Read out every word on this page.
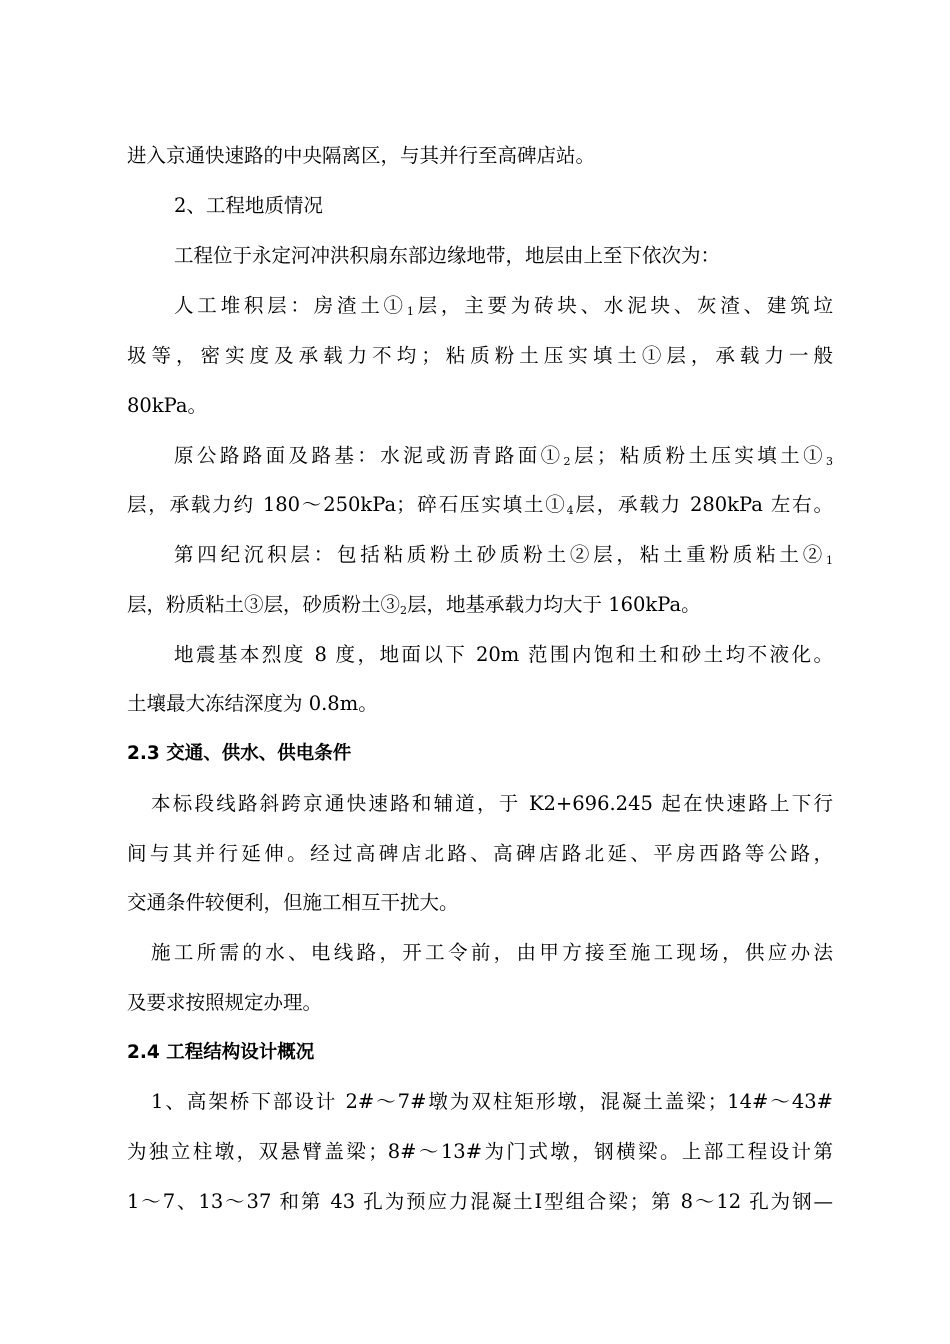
进入京通快速路的中央隔离区，与其并行至高碑店站。
2、工程地质情况
工程位于永定河冲洪积扇东部边缘地带，地层由上至下依次为：
人工堆积层：房渣土$①_1$层，主要为砖块、水泥块、灰渣、建筑垃
圾等，密实度及承载力不均；粘质粉土压实填土①层，承载力一般
80kPa。
原公路路面及路基：水泥或沥青路面$①_2$层；粘质粉土压实填土$①_3$
层，承载力约 180～250kPa；碎石压实填土$①_4$层，承载力 280kPa 左右。
第四纪沉积层：包括粘质粉土砂质粉土②层，粘土重粉质粘土$②_1$
层，粉质粘土③层，砂质粉土$③_2$层，地基承载力均大于 160kPa。
地震基本烈度 8 度，地面以下 20m 范围内饱和土和砂土均不液化。
土壤最大冻结深度为 0.8m。
2.3 交通、供水、供电条件
本标段线路斜跨京通快速路和辅道，于 K2+696.245 起在快速路上下行
间与其并行延伸。经过高碑店北路、高碑店路北延、平房西路等公路，
交通条件较便利，但施工相互干扰大。
施工所需的水、电线路，开工令前，由甲方接至施工现场，供应办法
及要求按照规定办理。
2.4 工程结构设计概况
1、高架桥下部设计 2#～7#墩为双柱矩形墩，混凝土盖梁；14#～43#
为独立柱墩，双悬臂盖梁；8#～13#为门式墩，钢横梁。上部工程设计第
1～7、13～37 和第 43 孔为预应力混凝土Ⅰ型组合梁；第 8～12 孔为钢—
